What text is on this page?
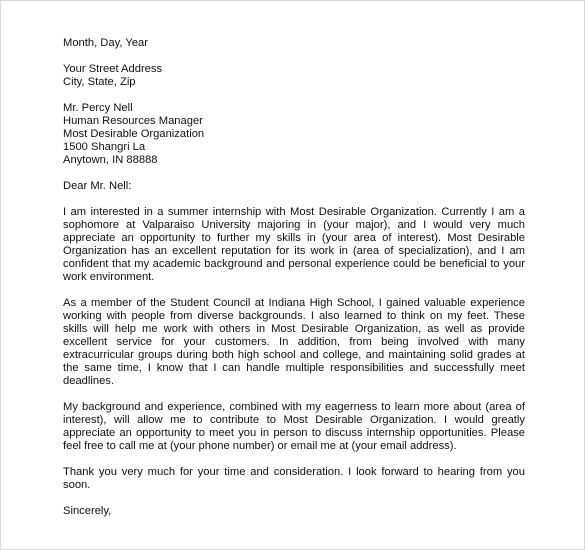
Month, Day, Year
Your Street Address
City, State, Zip
Mr. Percy Nell
Human Resources Manager
Most Desirable Organization
1500 Shangri La
Anytown, IN 88888
Dear Mr. Nell:

I am interested in a summer internship with Most Desirable Organization. Currently I am a sophomore at Valparaiso University majoring in (your major), and I would very much appreciate an opportunity to further my skills in (your area of interest). Most Desirable Organization has an excellent reputation for its work in (area of specialization), and I am confident that my academic background and personal experience could be beneficial to your work environment.

As a member of the Student Council at Indiana High School, I gained valuable experience working with people from diverse backgrounds. I also learned to think on my feet. These skills will help me work with others in Most Desirable Organization, as well as provide excellent service for your customers. In addition, from being involved with many extracurricular groups during both high school and college, and maintaining solid grades at the same time, I know that I can handle multiple responsibilities and successfully meet deadlines.

My background and experience, combined with my eagerness to learn more about (area of interest), will allow me to contribute to Most Desirable Organization. I would greatly appreciate an opportunity to meet you in person to discuss internship opportunities. Please feel free to call me at (your phone number) or email me at (your email address).

Thank you very much for your time and consideration. I look forward to hearing from you soon.

Sincerely,
